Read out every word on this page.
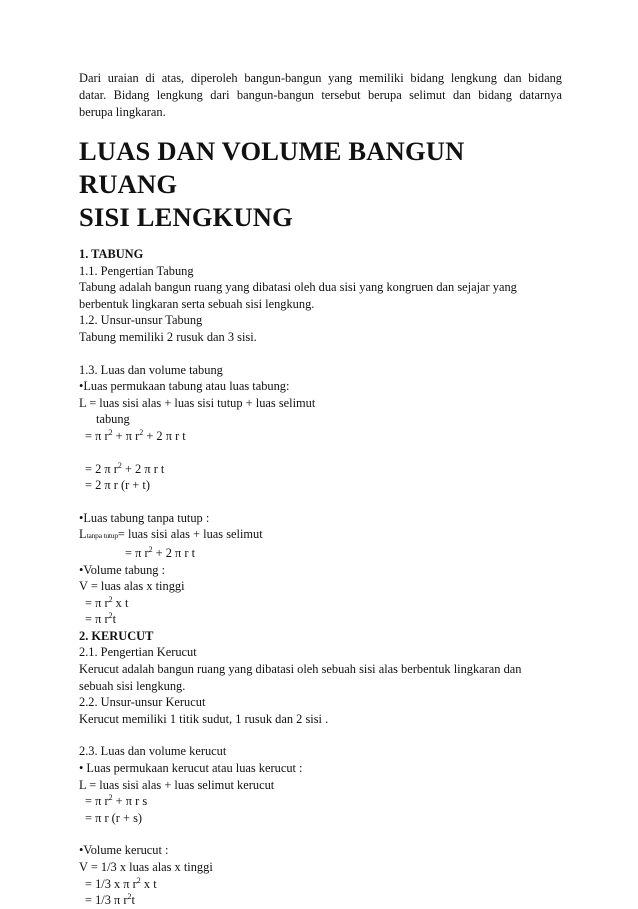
Dari uraian di atas, diperoleh bangun-bangun yang memiliki bidang lengkung dan bidang
datar. Bidang lengkung dari bangun-bangun tersebut berupa selimut dan bidang datarnya
berupa lingkaran.
LUAS DAN VOLUME BANGUN RUANG
SISI LENGKUNG
1. TABUNG
1.1. Pengertian Tabung
Tabung adalah bangun ruang yang dibatasi oleh dua sisi yang kongruen dan sejajar yang
berbentuk lingkaran serta sebuah sisi lengkung.
1.2. Unsur-unsur Tabung
Tabung memiliki 2 rusuk dan 3 sisi.
1.3. Luas dan volume tabung
•Luas permukaan tabung atau luas tabung:
L = luas sisi alas + luas sisi tutup + luas selimut
tabung
= π $r^2 + \pi$ $r^2 + 2$ π r t
= 2 π $r^2 + 2$ π r t
= 2 π r (r + t)
•Luas tabung tanpa tutup :
Ltanpa tutup= luas sisi alas + luas selimut
= π $r^2 + 2$ π r t
•Volume tabung :
V = luas alas x tinggi
= π $r^2$ x t
= π $r^2t$
2. KERUCUT
2.1. Pengertian Kerucut
Kerucut adalah bangun ruang yang dibatasi oleh sebuah sisi alas berbentuk lingkaran dan
sebuah sisi lengkung.
2.2. Unsur-unsur Kerucut
Kerucut memiliki 1 titik sudut, 1 rusuk dan 2 sisi .
2.3. Luas dan volume kerucut
• Luas permukaan kerucut atau luas kerucut :
L = luas sisi alas + luas selimut kerucut
= π $r^2 + \pi$ r s
= π r (r + s)
•Volume kerucut :
V = 1/3 x luas alas x tinggi
= 1/3 x π $r^2$ x t
= 1/3 π $r^2t$
